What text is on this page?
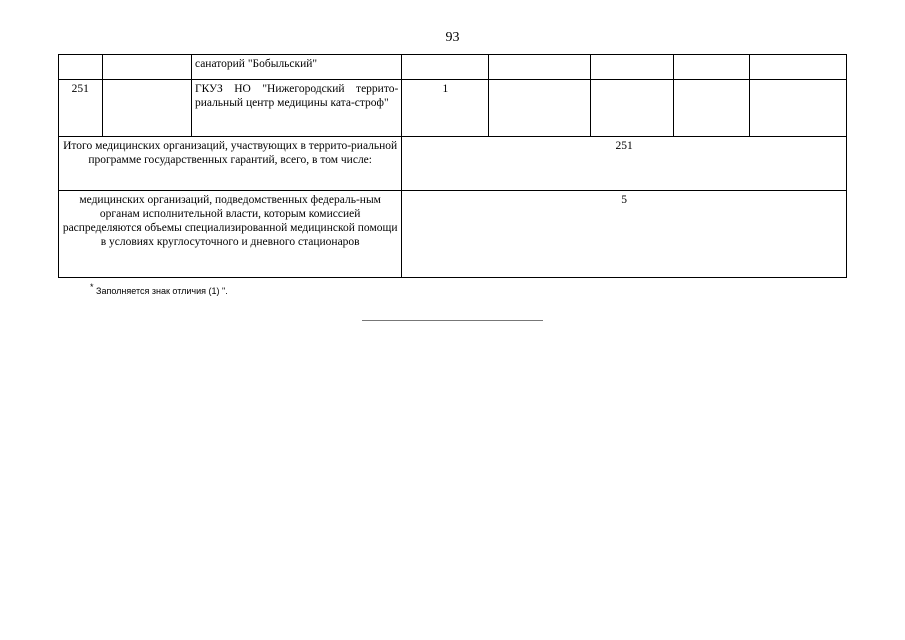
93
		санаторий "Бобыльский"					
251		ГКУЗ НО "Нижегородский террито-риальный центр медицины ката-строф"	1				
Итого медицинских организаций, участвующих в террито-риальной программе государственных гарантий, всего, в том числе:			251				
медицинских организаций, подведомственных федераль-ным органам исполнительной власти, которым комиссией распределяются объемы специализированной медицинской помощи в условиях круглосуточного и дневного стационаров			5				
* Заполняется знак отличия (1) ".
